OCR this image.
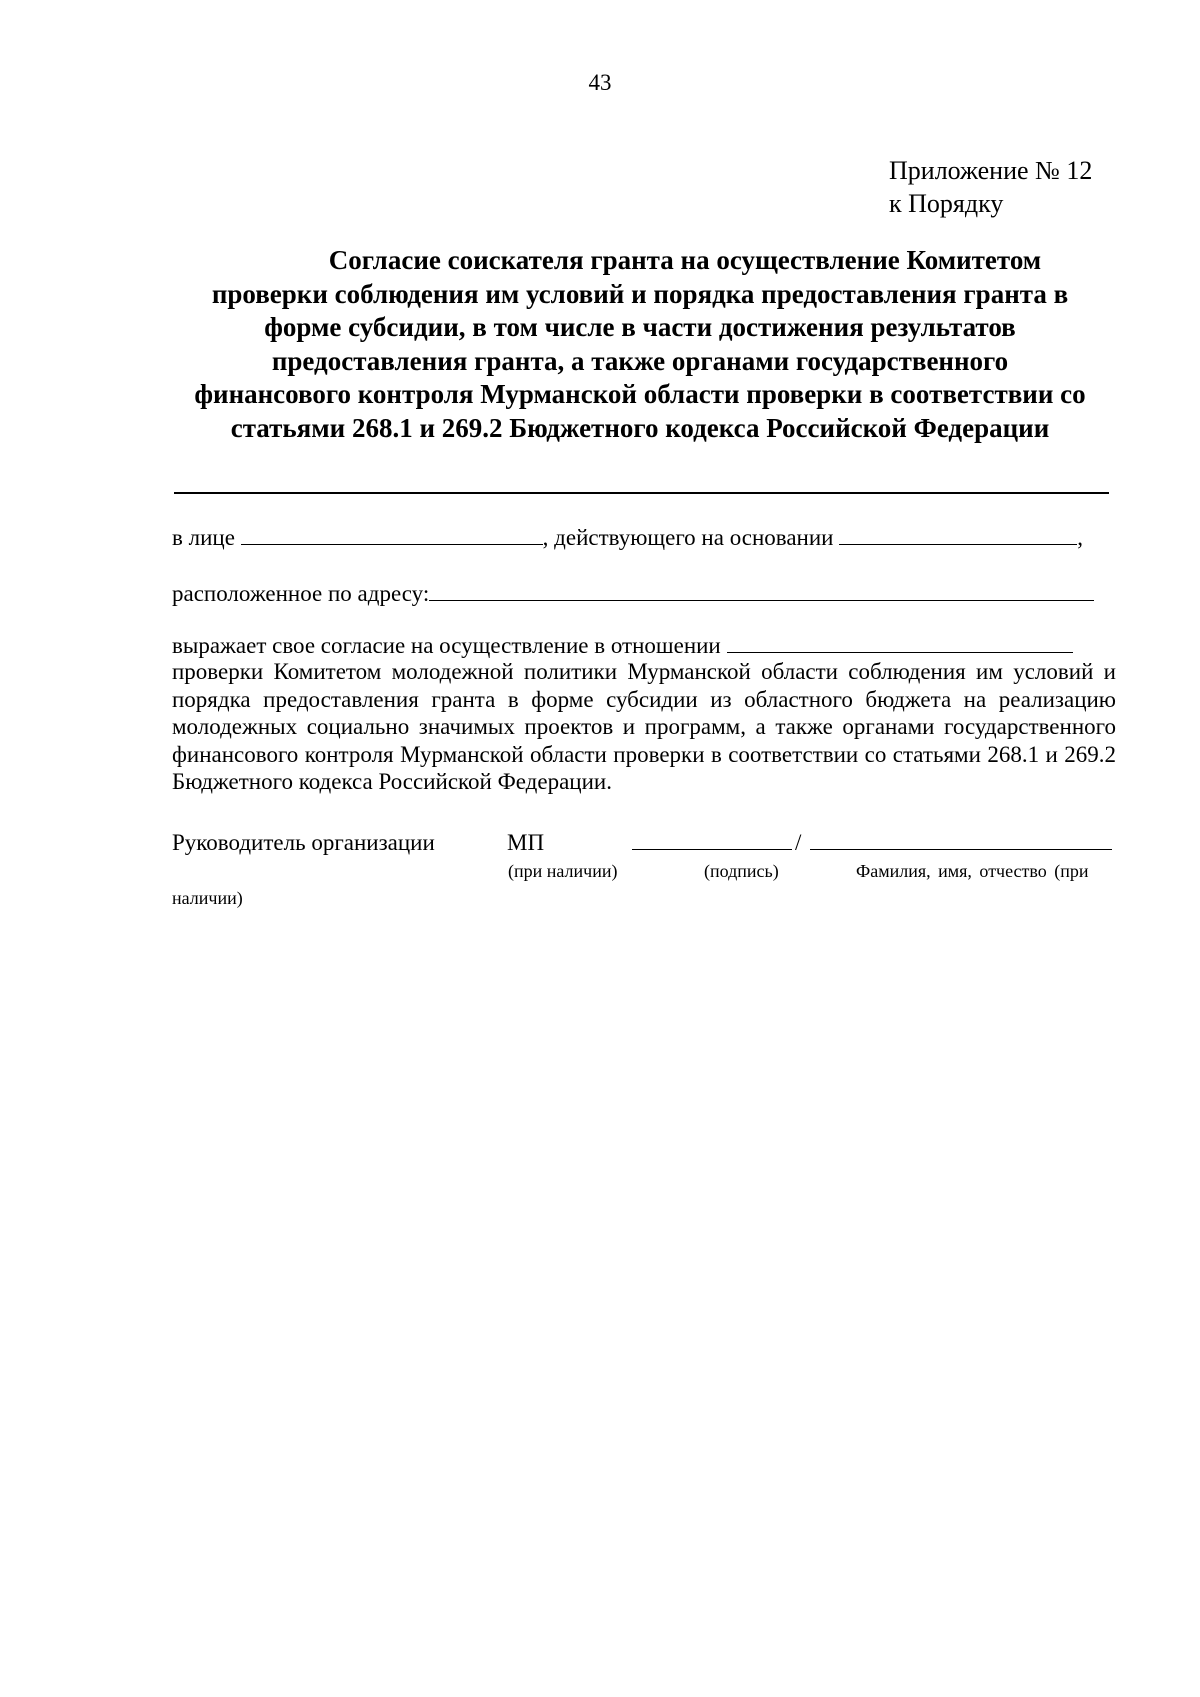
43
Приложение № 12
к Порядку
Согласие соискателя гранта на осуществление Комитетом
проверки соблюдения им условий и порядка предоставления гранта в
форме субсидии, в том числе в части достижения результатов
предоставления гранта, а также органами государственного
финансового контроля Мурманской области проверки в соответствии со
статьями 268.1 и 269.2 Бюджетного кодекса Российской Федерации
в лице	, действующего на основании	,
расположенное по адресу:
выражает свое согласие на осуществление в отношении
проверки Комитетом молодежной политики Мурманской области соблюдения им условий и порядка предоставления гранта в форме субсидии из областного бюджета на реализацию молодежных социально значимых проектов и программ, а также органами государственного финансового контроля Мурманской области проверки в соответствии со статьями 268.1 и 269.2 Бюджетного кодекса Российской Федерации.
Руководитель организации	МП	/
(при наличии)	(подпись)	Фамилия, имя, отчество (при
наличии)
